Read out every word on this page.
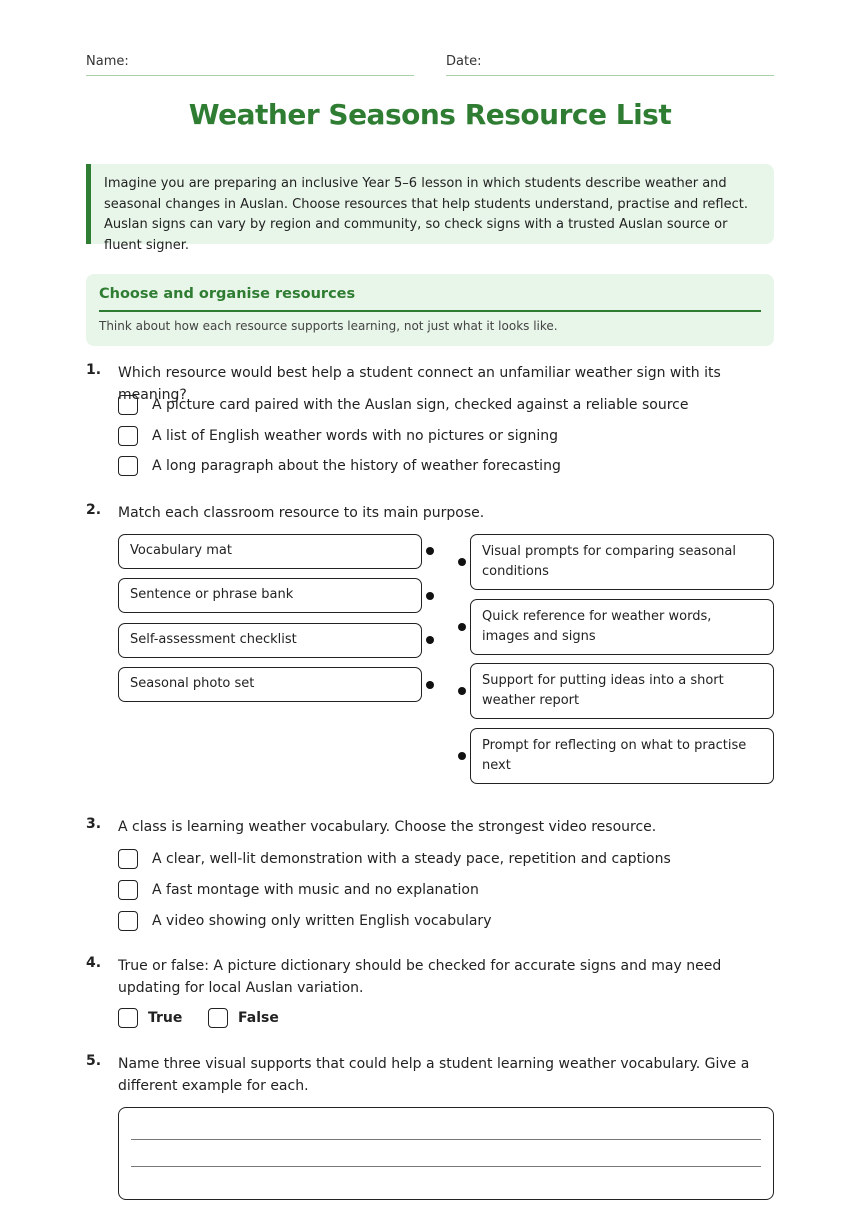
Name:	Date:
Weather Seasons Resource List
Imagine you are preparing an inclusive Year 5–6 lesson in which students describe weather and seasonal changes in Auslan. Choose resources that help students understand, practise and reflect. Auslan signs can vary by region and community, so check signs with a trusted Auslan source or fluent signer.
Choose and organise resources
Think about how each resource supports learning, not just what it looks like.
1. Which resource would best help a student connect an unfamiliar weather sign with its meaning?
A picture card paired with the Auslan sign, checked against a reliable source
A list of English weather words with no pictures or signing
A long paragraph about the history of weather forecasting
2. Match each classroom resource to its main purpose.
Vocabulary mat
Sentence or phrase bank
Self-assessment checklist
Seasonal photo set
Visual prompts for comparing seasonal conditions
Quick reference for weather words, images and signs
Support for putting ideas into a short weather report
Prompt for reflecting on what to practise next
3. A class is learning weather vocabulary. Choose the strongest video resource.
A clear, well-lit demonstration with a steady pace, repetition and captions
A fast montage with music and no explanation
A video showing only written English vocabulary
4. True or false: A picture dictionary should be checked for accurate signs and may need updating for local Auslan variation.
True	False
5. Name three visual supports that could help a student learning weather vocabulary. Give a different example for each.
